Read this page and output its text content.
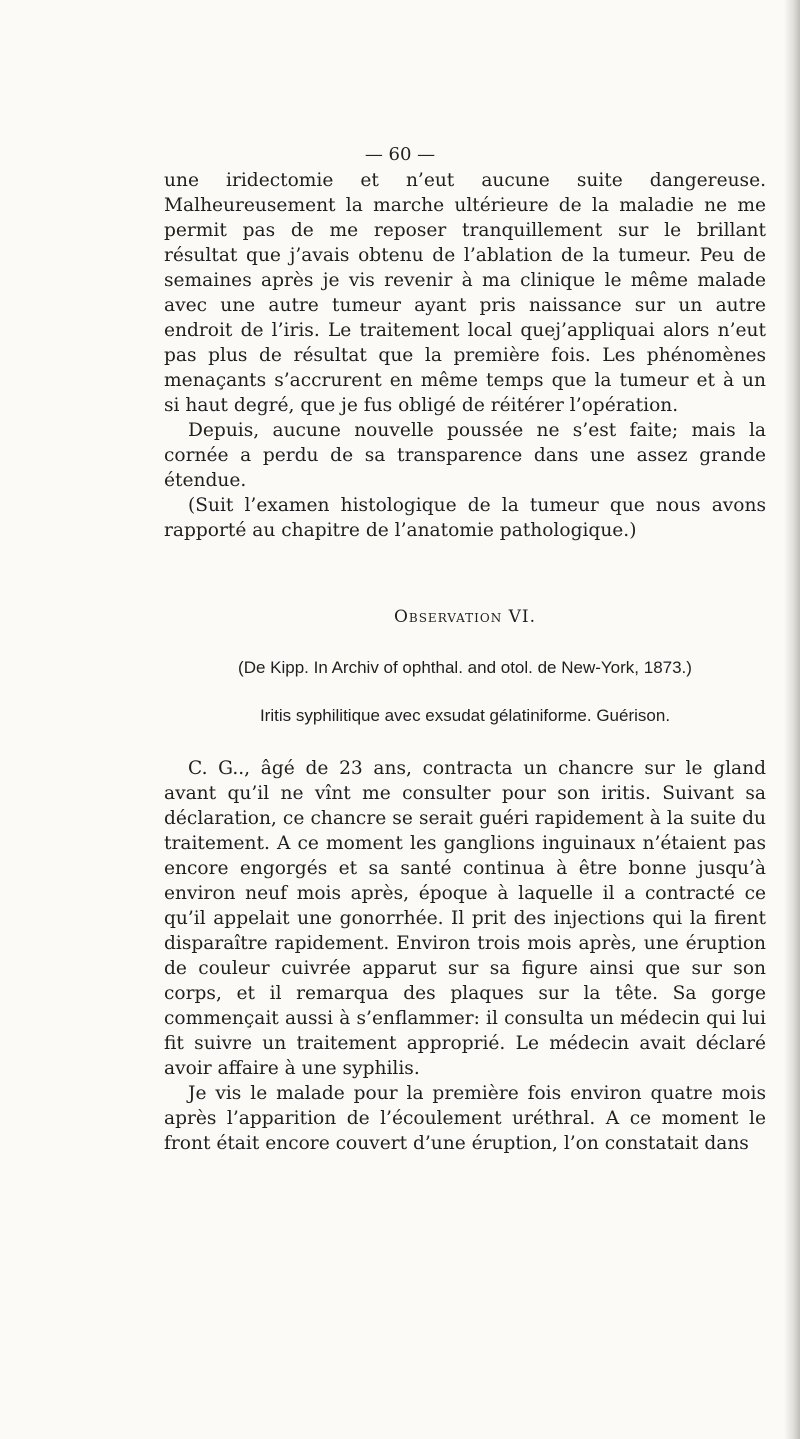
— 60 —

une iridectomie et n’eut aucune suite dangereuse. Malheureusement la marche ultérieure de la maladie ne me permit pas de me reposer tranquillement sur le brillant résultat que j’avais obtenu de l’ablation de la tumeur. Peu de semaines après je vis revenir à ma clinique le même malade avec une autre tumeur ayant pris naissance sur un autre endroit de l’iris. Le traitement local quej’appliquai alors n’eut pas plus de résultat que la première fois. Les phénomènes menaçants s’accrurent en même temps que la tumeur et à un si haut degré, que je fus obligé de réitérer l’opération.

Depuis, aucune nouvelle poussée ne s’est faite; mais la cornée a perdu de sa transparence dans une assez grande étendue.

(Suit l’examen histologique de la tumeur que nous avons rapporté au chapitre de l’anatomie pathologique.)

Observation VI.
(De Kipp. In Archiv of ophthal. and otol. de New-York, 1873.)
Iritis syphilitique avec exsudat gélatiniforme. Guérison.

C. G.., âgé de 23 ans, contracta un chancre sur le gland avant qu’il ne vînt me consulter pour son iritis. Suivant sa déclaration, ce chancre se serait guéri rapidement à la suite du traitement. A ce moment les ganglions inguinaux n’étaient pas encore engorgés et sa santé continua à être bonne jusqu’à environ neuf mois après, époque à laquelle il a contracté ce qu’il appelait une gonorrhée. Il prit des injections qui la firent disparaître rapidement. Environ trois mois après, une éruption de couleur cuivrée apparut sur sa figure ainsi que sur son corps, et il remarqua des plaques sur la tête. Sa gorge commençait aussi à s’enflammer: il consulta un médecin qui lui fit suivre un traitement approprié. Le médecin avait déclaré avoir affaire à une syphilis.

Je vis le malade pour la première fois environ quatre mois après l’apparition de l’écoulement uréthral. A ce moment le front était encore couvert d’une éruption, l’on constatait dans
